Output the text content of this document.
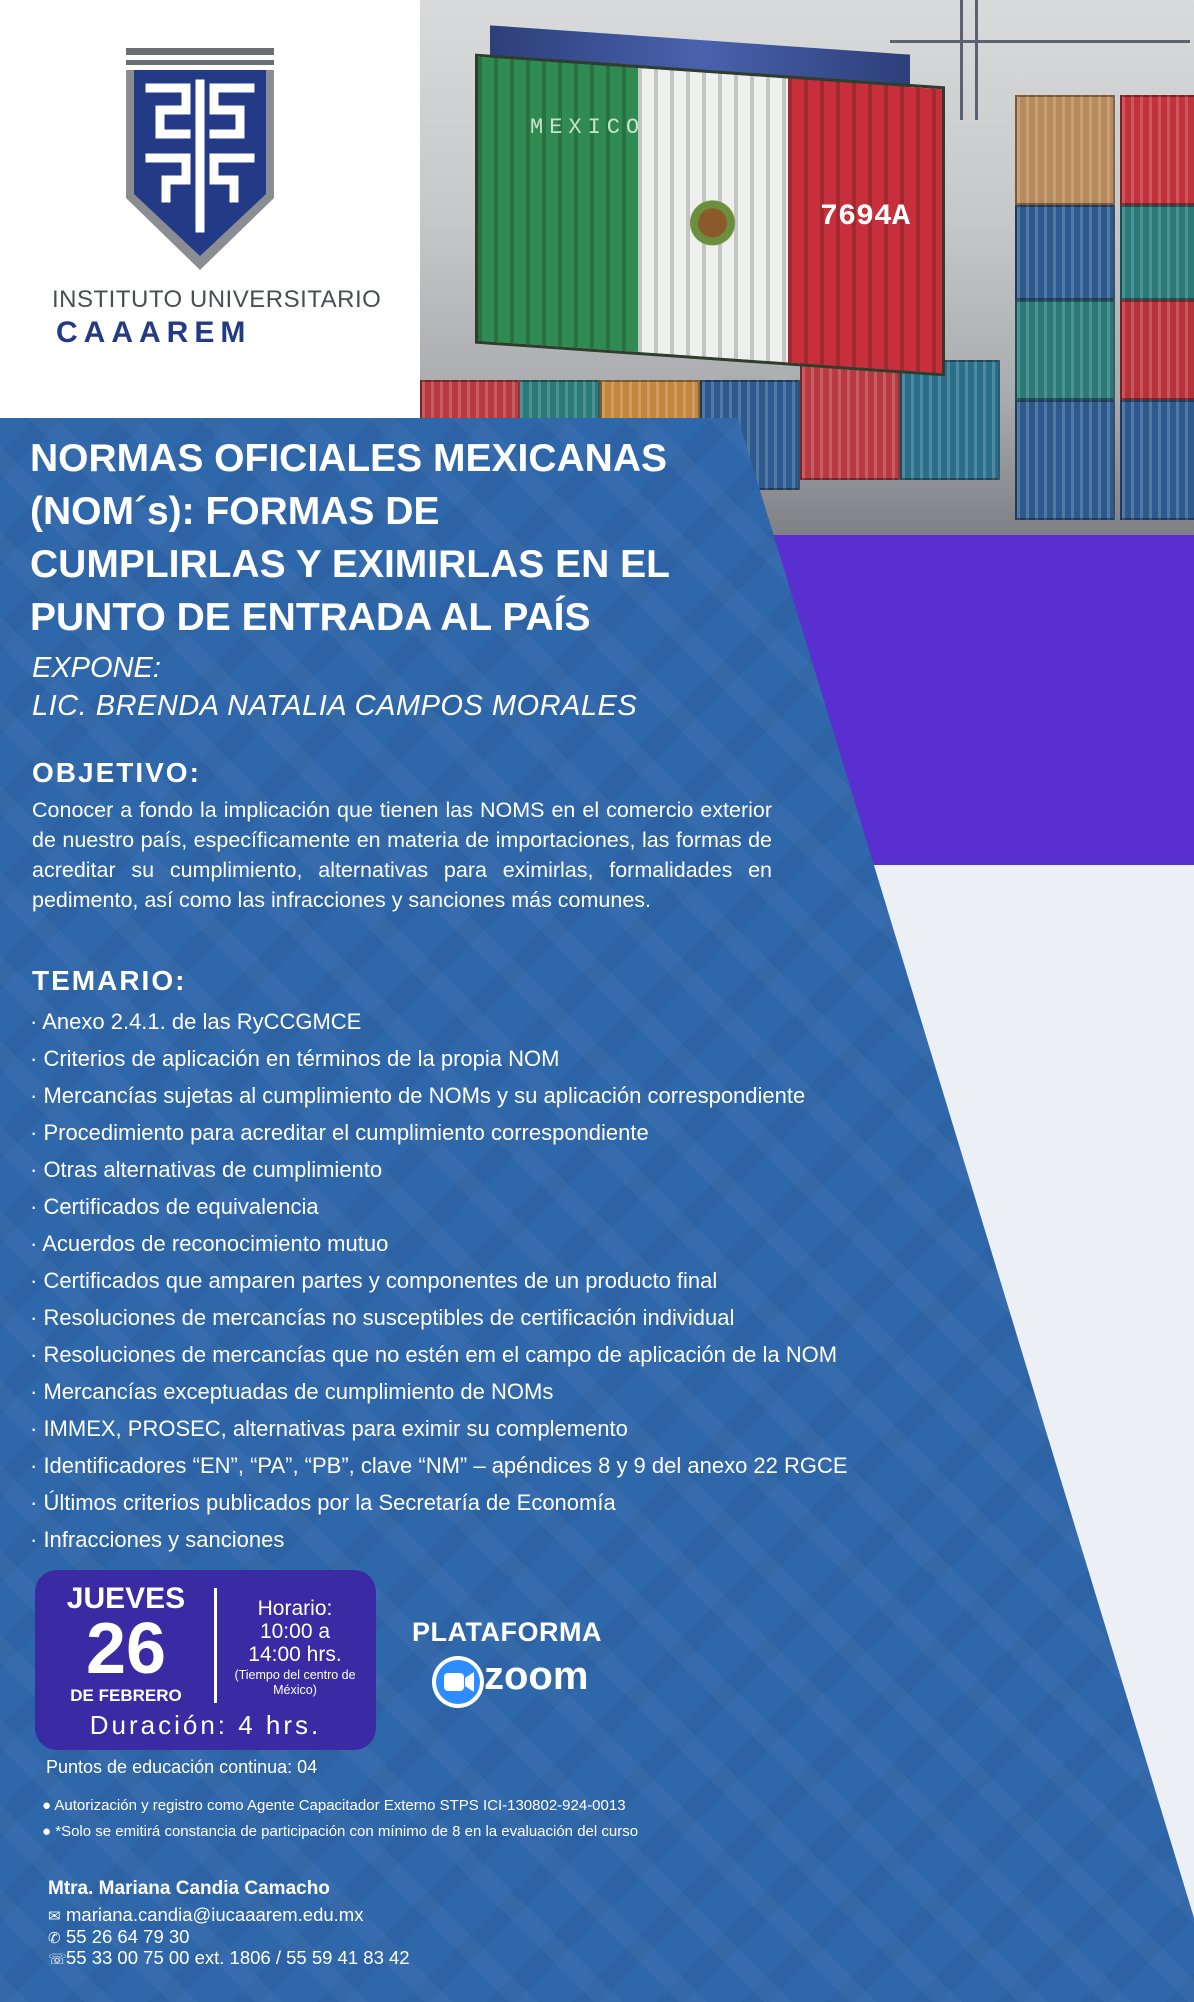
MEXICO
7694A
INSTITUTO UNIVERSITARIO
CAAAREM
NORMAS OFICIALES MEXICANAS
(NOM´s): FORMAS DE
CUMPLIRLAS Y EXIMIRLAS EN EL
PUNTO DE ENTRADA AL PAÍS
EXPONE:
LIC. BRENDA NATALIA CAMPOS MORALES
OBJETIVO:
Conocer a fondo la implicación que tienen las NOMS en el comercio exterior de nuestro país, específicamente en materia de importaciones, las formas de acreditar su cumplimiento, alternativas para eximirlas, formalidades en pedimento, así como las infracciones y sanciones más comunes.
TEMARIO:
· Anexo 2.4.1. de las RyCCGMCE
· Criterios de aplicación en términos de la propia NOM
· Mercancías sujetas al cumplimiento de NOMs y su aplicación correspondiente
· Procedimiento para acreditar el cumplimiento correspondiente
· Otras alternativas de cumplimiento
· Certificados de equivalencia
· Acuerdos de reconocimiento mutuo
· Certificados que amparen partes y componentes de un producto final
· Resoluciones de mercancías no susceptibles de certificación individual
· Resoluciones de mercancías que no estén em el campo de aplicación de la NOM
· Mercancías exceptuadas de cumplimiento de NOMs
· IMMEX, PROSEC, alternativas para eximir su complemento
· Identificadores “EN”, “PA”, “PB”, clave “NM” – apéndices 8 y 9 del anexo 22 RGCE
· Últimos criterios publicados por la Secretaría de Economía
· Infracciones y sanciones
JUEVES
26
DE FEBRERO
Horario:
10:00 a
14:00 hrs.
(Tiempo del centro de México)
Duración: 4 hrs.
PLATAFORMA
zoom
Puntos de educación continua: 04
● Autorización y registro como Agente Capacitador Externo STPS ICI-130802-924-0013
● *Solo se emitirá constancia de participación con mínimo de 8 en la evaluación del curso
Mtra. Mariana Candia Camacho
✉ mariana.candia@iucaaarem.edu.mx
✆ 55 26 64 79 30
☏55 33 00 75 00 ext. 1806 / 55 59 41 83 42
